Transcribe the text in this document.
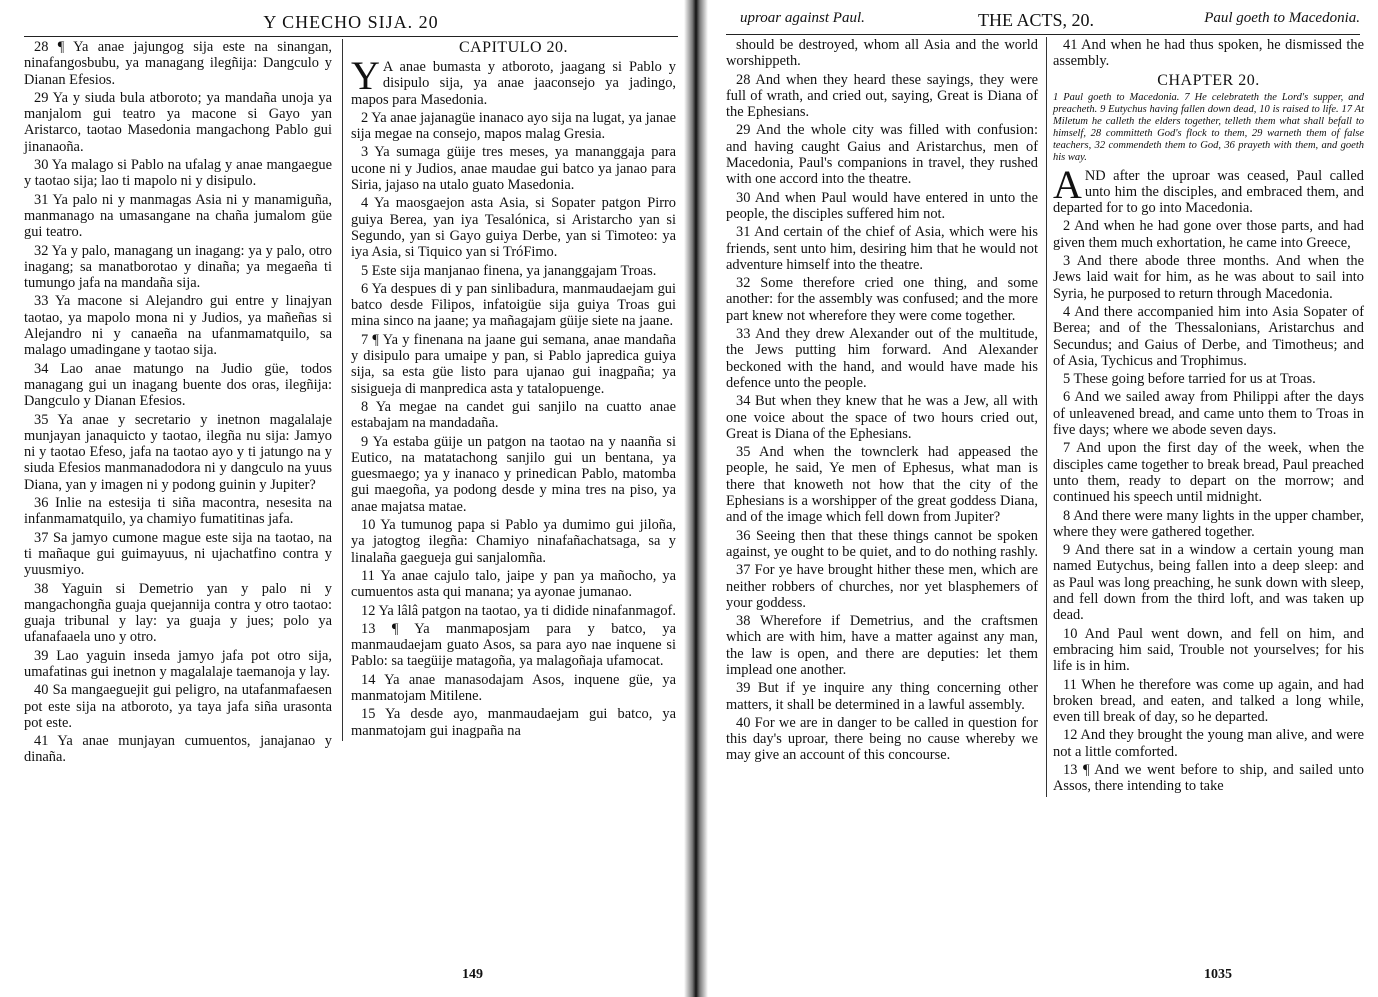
Y CHECHO SIJA. 20

28 ¶ Ya anae jajungog sija este na sinangan, ninafangosbubu, ya managang ilegñija: Dangculo y Dianan Efesios.

29 Ya y siuda bula atboroto; ya mandaña unoja ya manjalom gui teatro ya macone si Gayo yan Aristarco, taotao Masedonia mangachong Pablo gui jinanaoña.

30 Ya malago si Pablo na ufalag y anae mangaegue y taotao sija; lao ti mapolo ni y disipulo.

31 Ya palo ni y manmagas Asia ni y manamiguña, manmanago na umasangane na chaña jumalom güe gui teatro.

32 Ya y palo, managang un inagang: ya y palo, otro inagang; sa manatborotao y dinaña; ya megaeña ti tumungo jafa na mandaña sija.

33 Ya macone si Alejandro gui entre y linajyan taotao, ya mapolo mona ni y Judios, ya mañeñas si Alejandro ni y canaeña na ufanmamatquilo, sa malago umadingane y taotao sija.

34 Lao anae matungo na Judio güe, todos managang gui un inagang buente dos oras, ilegñija: Dangculo y Dianan Efesios.

35 Ya anae y secretario y inetnon magalalaje munjayan janaquicto y taotao, ilegña nu sija: Jamyo ni y taotao Efeso, jafa na taotao ayo y ti jatungo na y siuda Efesios manmanadodora ni y dangculo na yuus Diana, yan y imagen ni y podong guinin y Jupiter?

36 Inlie na estesija ti siña macontra, nesesita na infanmamatquilo, ya chamiyo fumatitinas jafa.

37 Sa jamyo cumone mague este sija na taotao, na ti mañaque gui guimayuus, ni ujachatfino contra y yuusmiyo.

38 Yaguin si Demetrio yan y palo ni y mangachongña guaja quejannija contra y otro taotao: guaja tribunal y lay: ya guaja y jues; polo ya ufanafaaela uno y otro.

39 Lao yaguin inseda jamyo jafa pot otro sija, umafatinas gui inetnon y magalalaje taemanoja y lay.

40 Sa mangaeguejit gui peligro, na utafanmafaesen pot este sija na atboroto, ya taya jafa siña urasonta pot este.

41 Ya anae munjayan cumuentos, janajanao y dinaña.

CAPITULO 20.

Y A anae bumasta y atboroto, jaagang si Pablo y disipulo sija, ya anae jaaconsejo ya jadingo, mapos para Masedonia.

2 Ya anae jajanagüe inanaco ayo sija na lugat, ya janae sija megae na consejo, mapos malag Gresia.

3 Ya sumaga güije tres meses, ya mananggaja para ucone ni y Judios, anae maudae gui batco ya janao para Siria, jajaso na utalo guato Masedonia.

4 Ya maosgaejon asta Asia, si Sopater patgon Pirro guiya Berea, yan iya Tesalónica, si Aristarcho yan si Segundo, yan si Gayo guiya Derbe, yan si Timoteo: ya iya Asia, si Tiquico yan si TróFimo.

5 Este sija manjanao finena, ya jananggajam Troas.

6 Ya despues di y pan sinlibadura, manmaudaejam gui batco desde Filipos, infatoigüe sija guiya Troas gui mina sinco na jaane; ya mañagajam güije siete na jaane.

7 ¶ Ya y finenana na jaane gui semana, anae mandaña y disipulo para umaipe y pan, si Pablo japredica guiya sija, sa esta güe listo para ujanao gui inagpaña; ya sisigueja di manpredica asta y tatalopuenge.

8 Ya megae na candet gui sanjilo na cuatto anae estabajam na mandadaña.

9 Ya estaba güije un patgon na taotao na y naanña si Eutico, na matatachong sanjilo gui un bentana, ya guesmaego; ya y inanaco y prinedican Pablo, matomba gui maegoña, ya podong desde y mina tres na piso, ya anae majatsa matae.

10 Ya tumunog papa si Pablo ya dumimo gui jiloña, ya jatogtog ilegña: Chamiyo ninafañachatsaga, sa y linalaña gaegueja gui sanjalomña.

11 Ya anae cajulo talo, jaipe y pan ya mañocho, ya cumuentos asta qui manana; ya ayonae jumanao.

12 Ya lâlâ patgon na taotao, ya ti didide ninafanmagof.

13 ¶ Ya manmaposjam para y batco, ya manmaudaejam guato Asos, sa para ayo nae inquene si Pablo: sa taegüije matagoña, ya malagoñaja ufamocat.

14 Ya anae manasodajam Asos, inquene güe, ya manmatojam Mitilene.

15 Ya desde ayo, manmaudaejam gui batco, ya manmatojam gui inagpaña na

149
uproar against Paul.	THE ACTS, 20.	Paul goeth to Macedonia.

should be destroyed, whom all Asia and the world worshippeth.

28 And when they heard these sayings, they were full of wrath, and cried out, saying, Great is Diana of the Ephesians.

29 And the whole city was filled with confusion: and having caught Gaius and Aristarchus, men of Macedonia, Paul's companions in travel, they rushed with one accord into the theatre.

30 And when Paul would have entered in unto the people, the disciples suffered him not.

31 And certain of the chief of Asia, which were his friends, sent unto him, desiring him that he would not adventure himself into the theatre.

32 Some therefore cried one thing, and some another: for the assembly was confused; and the more part knew not wherefore they were come together.

33 And they drew Alexander out of the multitude, the Jews putting him forward. And Alexander beckoned with the hand, and would have made his defence unto the people.

34 But when they knew that he was a Jew, all with one voice about the space of two hours cried out, Great is Diana of the Ephesians.

35 And when the townclerk had appeased the people, he said, Ye men of Ephesus, what man is there that knoweth not how that the city of the Ephesians is a worshipper of the great goddess Diana, and of the image which fell down from Jupiter?

36 Seeing then that these things cannot be spoken against, ye ought to be quiet, and to do nothing rashly.

37 For ye have brought hither these men, which are neither robbers of churches, nor yet blasphemers of your goddess.

38 Wherefore if Demetrius, and the craftsmen which are with him, have a matter against any man, the law is open, and there are deputies: let them implead one another.

39 But if ye inquire any thing concerning other matters, it shall be determined in a lawful assembly.

40 For we are in danger to be called in question for this day's uproar, there being no cause whereby we may give an account of this concourse.

41 And when he had thus spoken, he dismissed the assembly.

CHAPTER 20.
1 Paul goeth to Macedonia. 7 He celebrateth the Lord's supper, and preacheth. 9 Eutychus having fallen down dead, 10 is raised to life. 17 At Miletum he calleth the elders together, telleth them what shall befall to himself, 28 committeth God's flock to them, 29 warneth them of false teachers, 32 commendeth them to God, 36 prayeth with them, and goeth his way.

AND after the uproar was ceased, Paul called unto him the disciples, and embraced them, and departed for to go into Macedonia.

2 And when he had gone over those parts, and had given them much exhortation, he came into Greece,

3 And there abode three months. And when the Jews laid wait for him, as he was about to sail into Syria, he purposed to return through Macedonia.

4 And there accompanied him into Asia Sopater of Berea; and of the Thessalonians, Aristarchus and Secundus; and Gaius of Derbe, and Timotheus; and of Asia, Tychicus and Trophimus.

5 These going before tarried for us at Troas.

6 And we sailed away from Philippi after the days of unleavened bread, and came unto them to Troas in five days; where we abode seven days.

7 And upon the first day of the week, when the disciples came together to break bread, Paul preached unto them, ready to depart on the morrow; and continued his speech until midnight.

8 And there were many lights in the upper chamber, where they were gathered together.

9 And there sat in a window a certain young man named Eutychus, being fallen into a deep sleep: and as Paul was long preaching, he sunk down with sleep, and fell down from the third loft, and was taken up dead.

10 And Paul went down, and fell on him, and embracing him said, Trouble not yourselves; for his life is in him.

11 When he therefore was come up again, and had broken bread, and eaten, and talked a long while, even till break of day, so he departed.

12 And they brought the young man alive, and were not a little comforted.

13 ¶ And we went before to ship, and sailed unto Assos, there intending to take

1035
